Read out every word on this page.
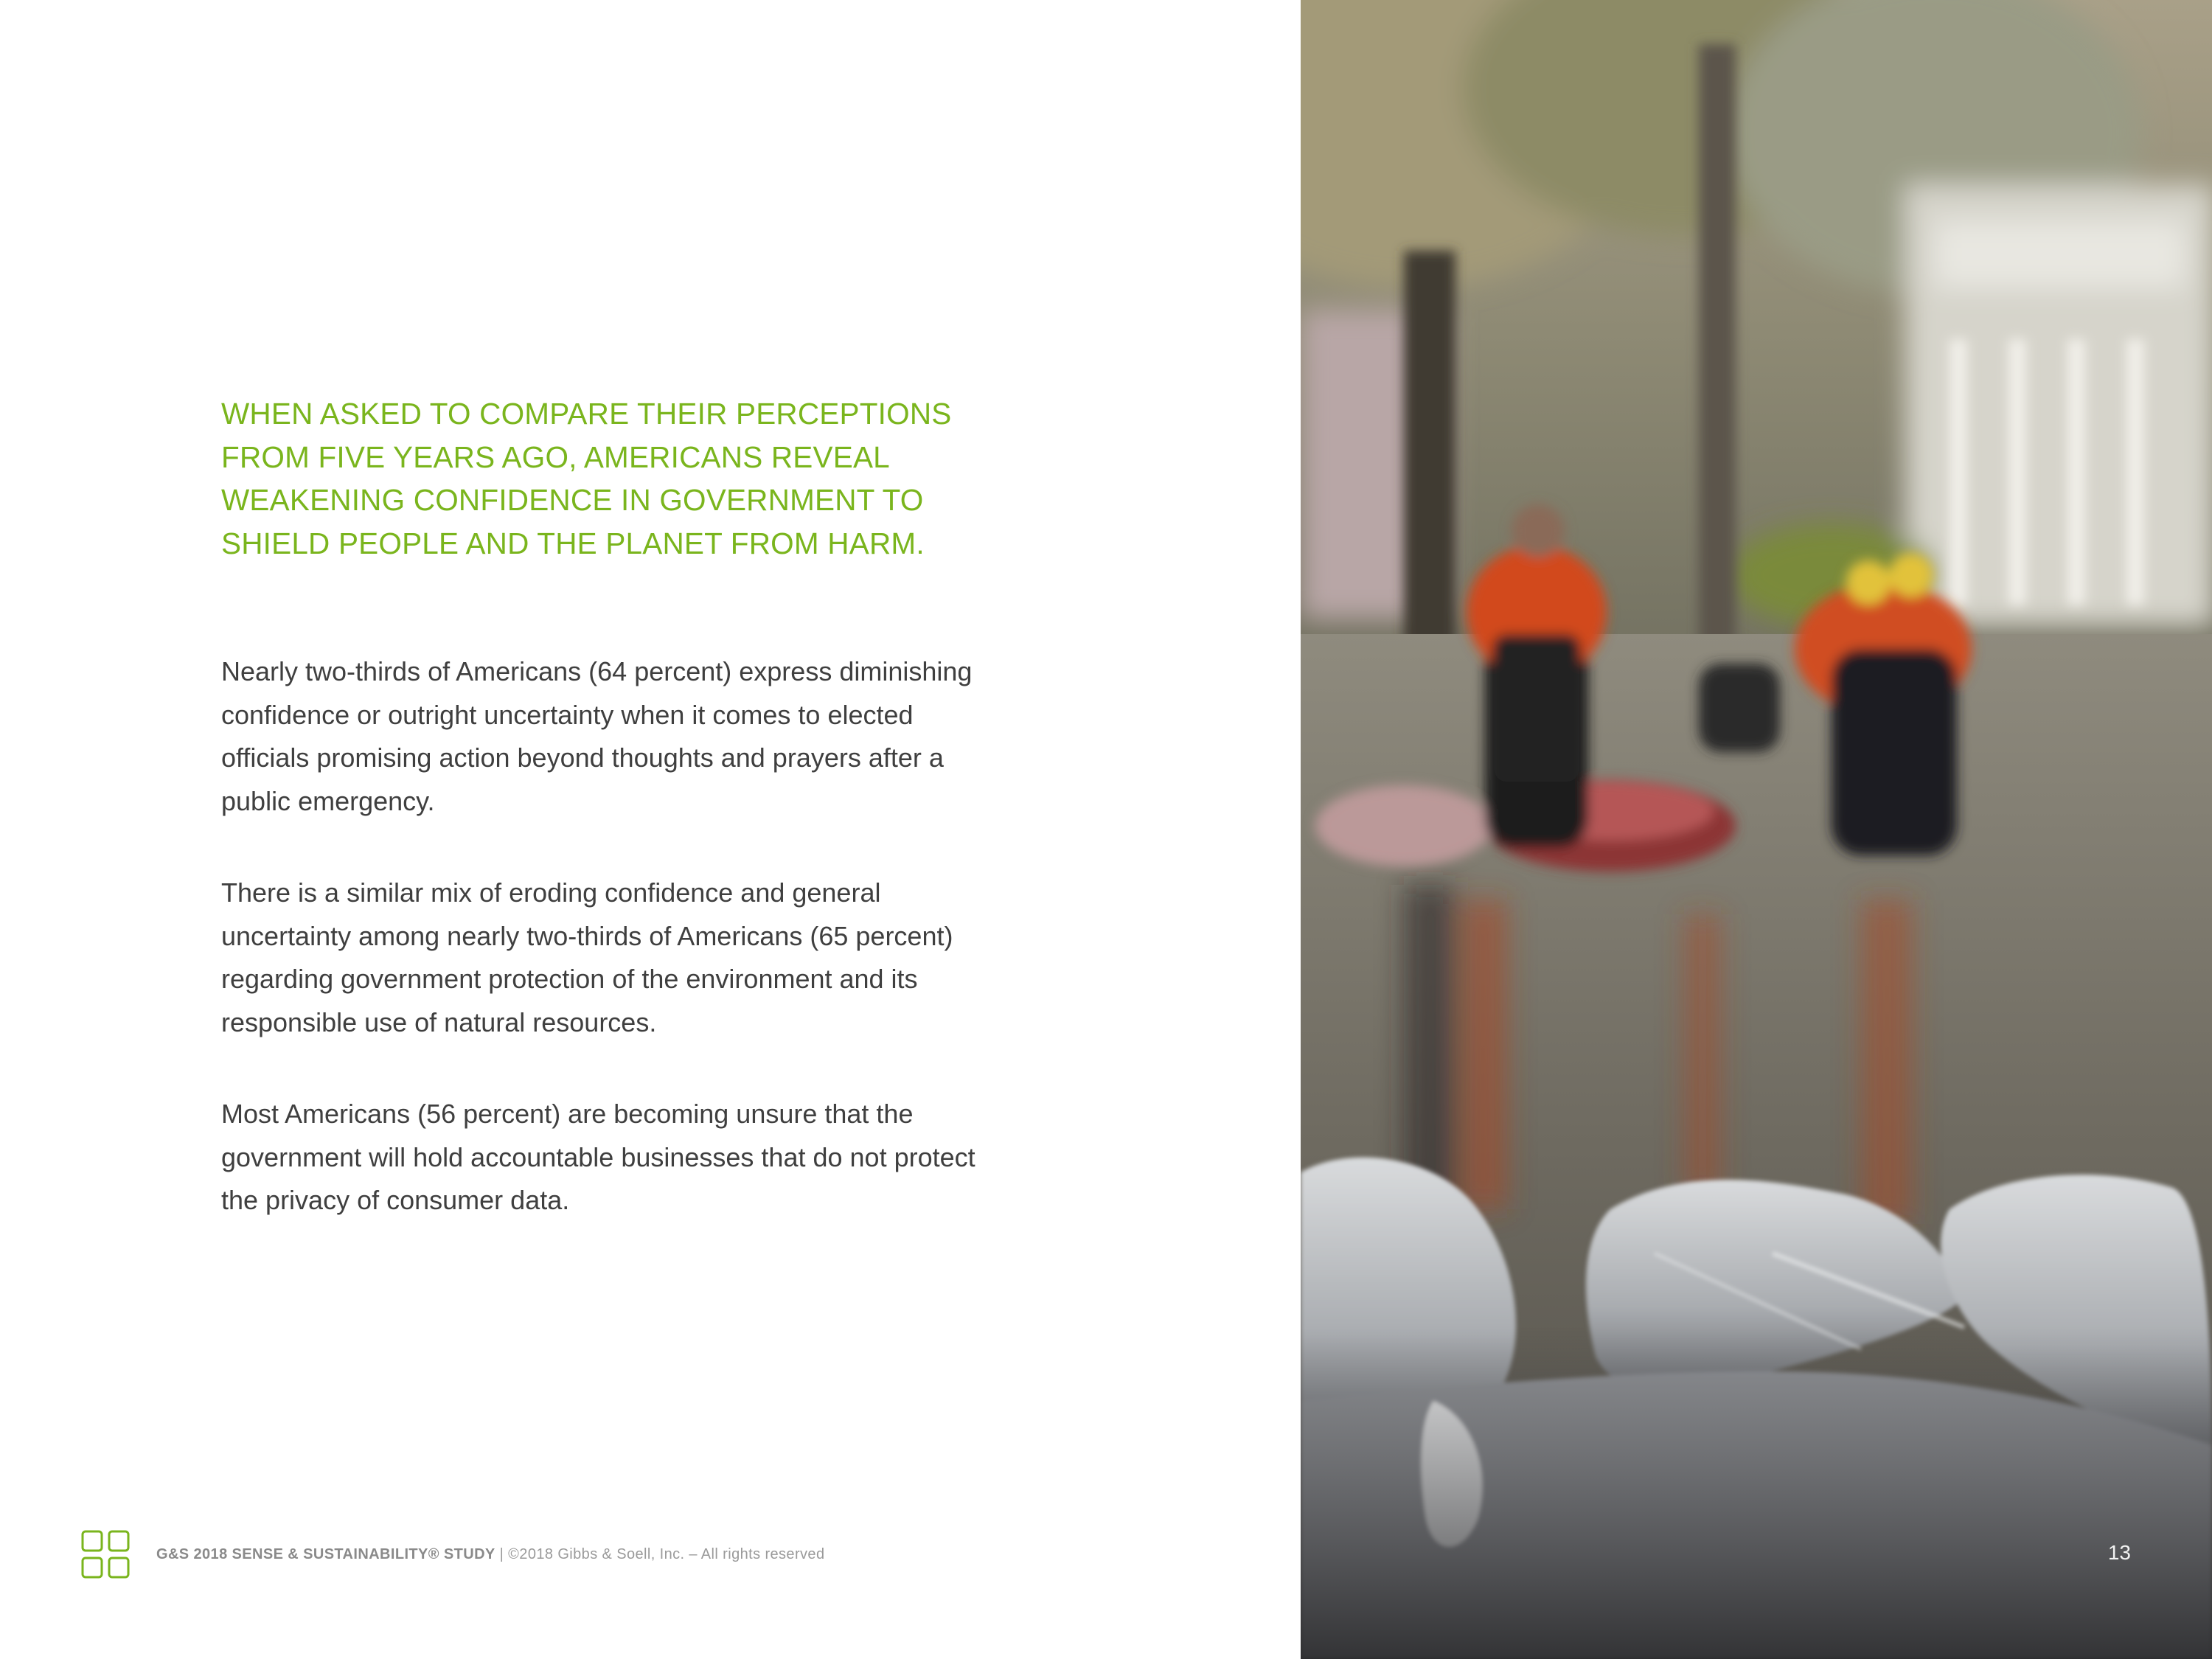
WHEN ASKED TO COMPARE THEIR PERCEPTIONS FROM FIVE YEARS AGO, AMERICANS REVEAL WEAKENING CONFIDENCE IN GOVERNMENT TO SHIELD PEOPLE AND THE PLANET FROM HARM.

Nearly two-thirds of Americans (64 percent) express diminishing confidence or outright uncertainty when it comes to elected officials promising action beyond thoughts and prayers after a public emergency.

There is a similar mix of eroding confidence and general uncertainty among nearly two-thirds of Americans (65 percent) regarding government protection of the environment and its responsible use of natural resources.

Most Americans (56 percent) are becoming unsure that the government will hold accountable businesses that do not protect the privacy of consumer data.

G&S 2018 SENSE & SUSTAINABILITY® STUDY | ©2018 Gibbs & Soell, Inc. – All rights reserved	13
